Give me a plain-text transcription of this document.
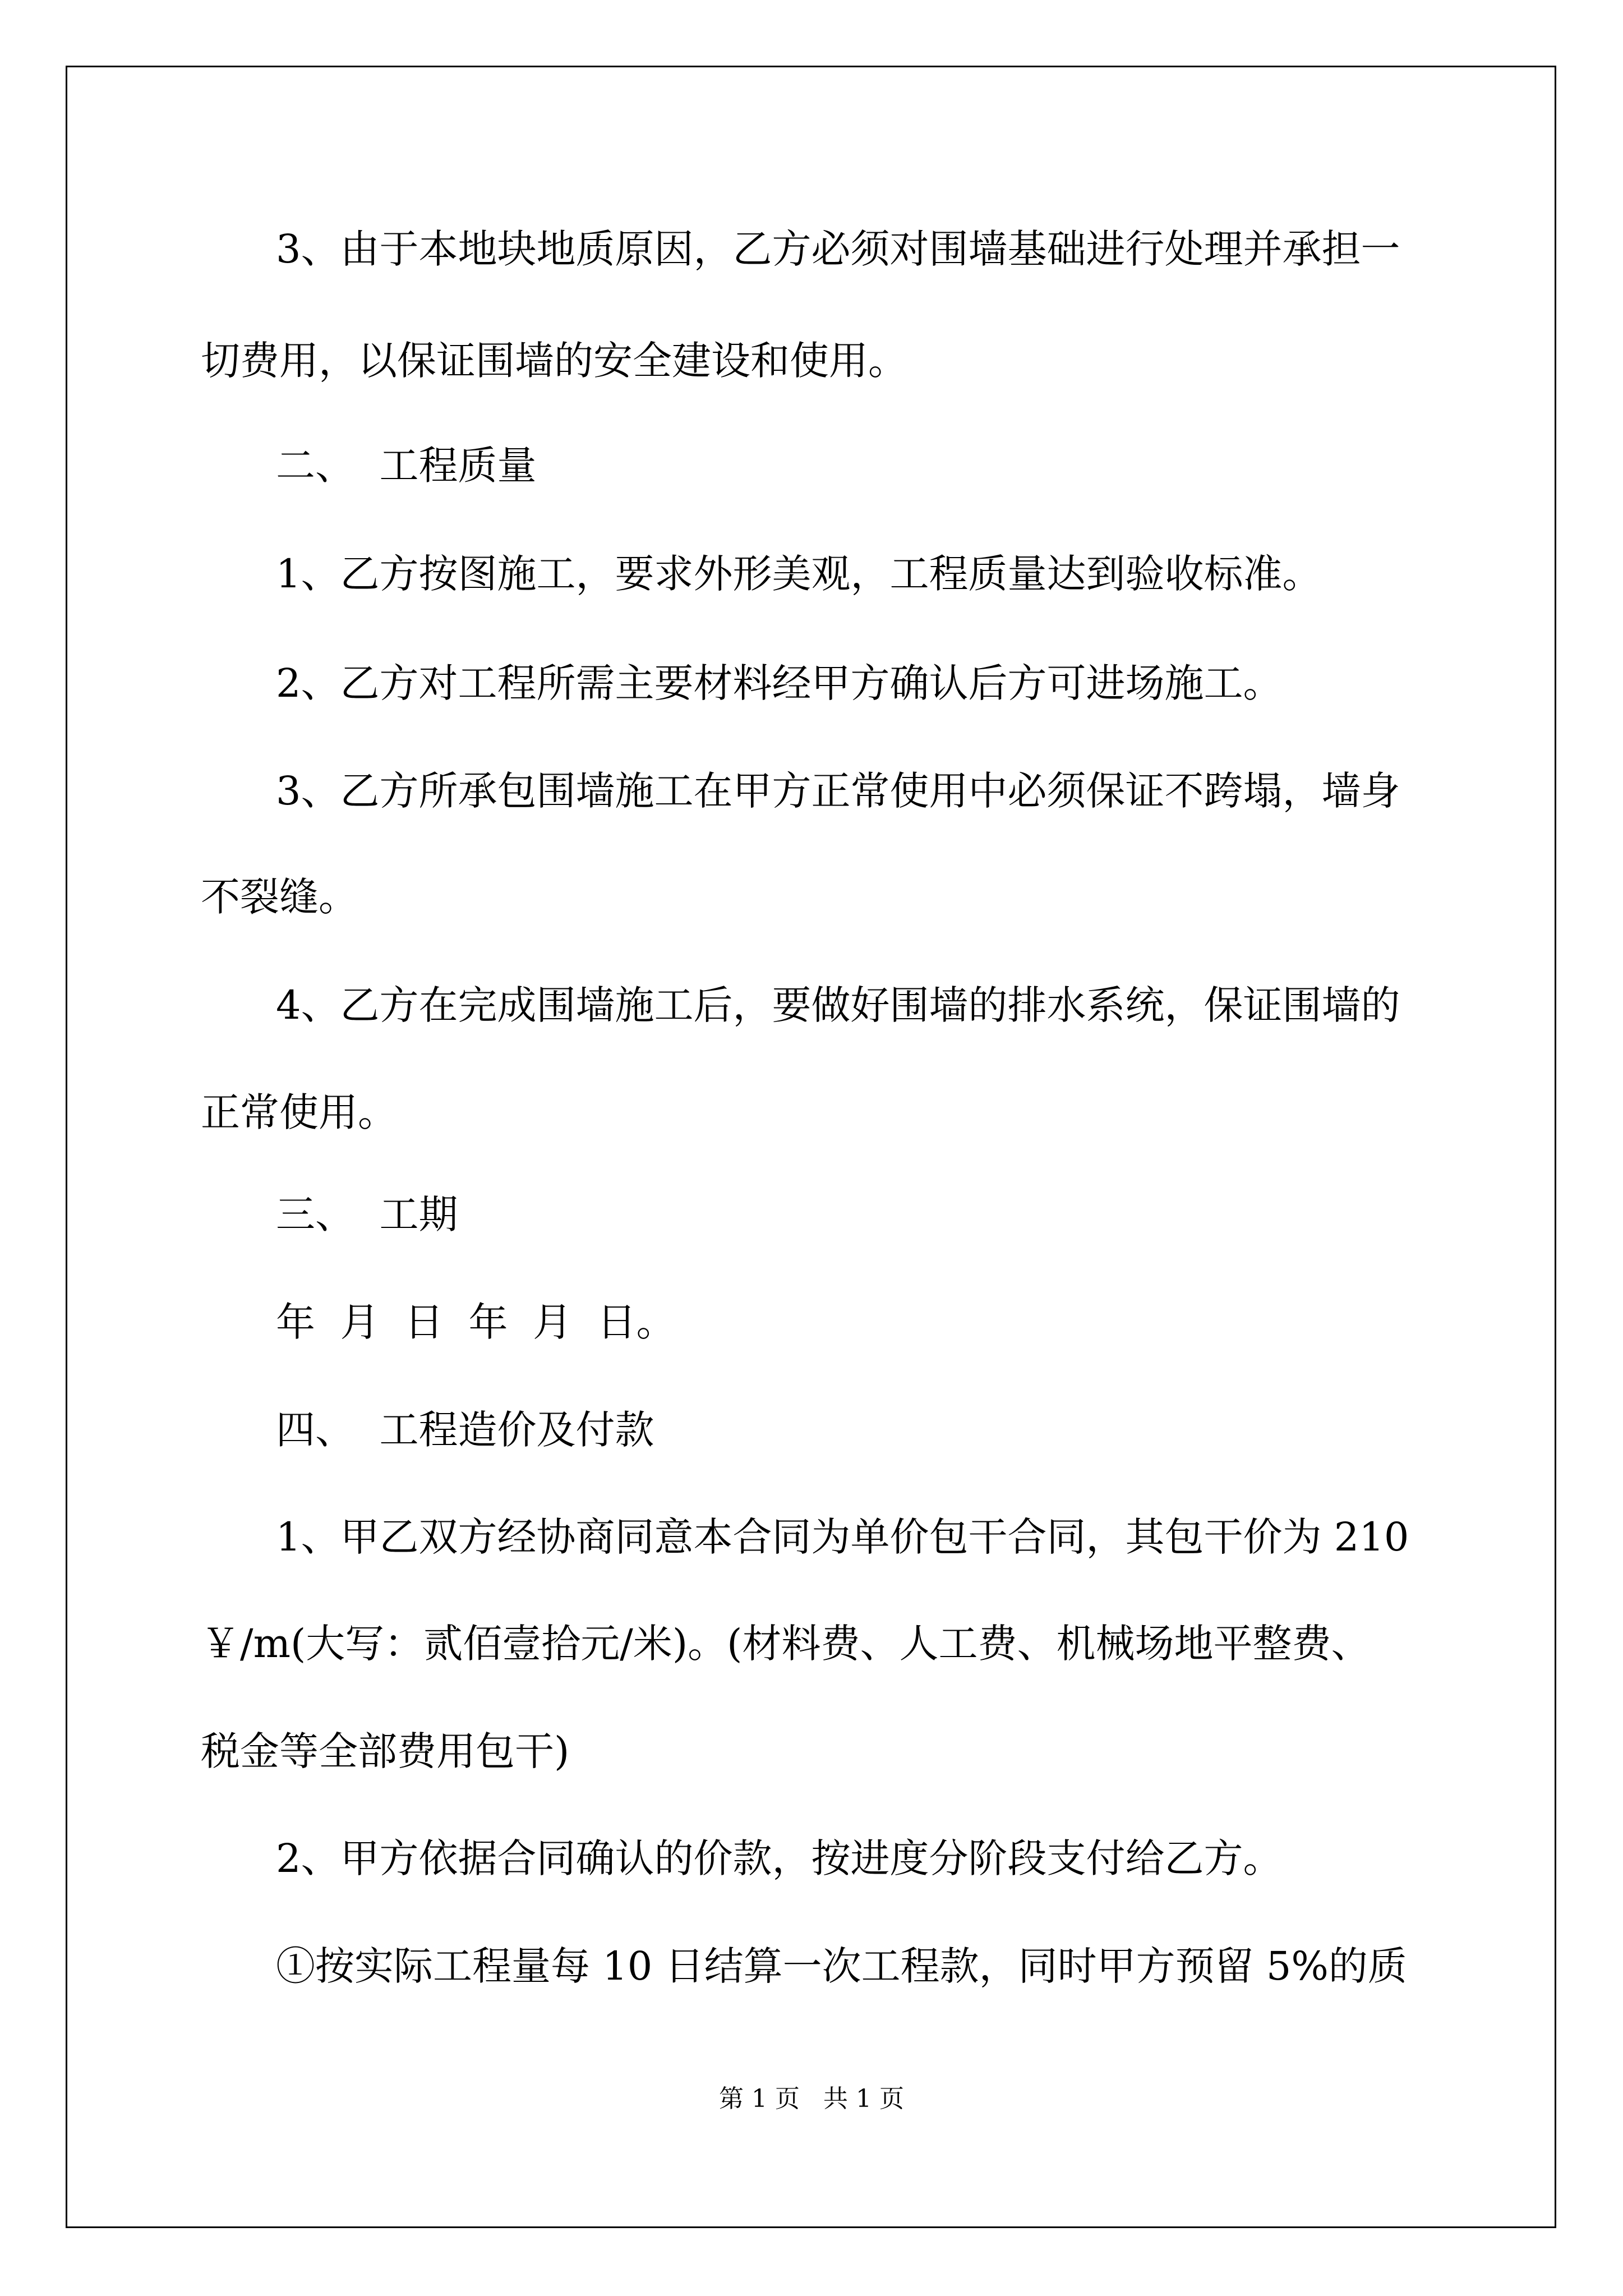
3、由于本地块地质原因，乙方必须对围墙基础进行处理并承担一

切费用，以保证围墙的安全建设和使用。

二、  工程质量

1、乙方按图施工，要求外形美观，工程质量达到验收标准。

2、乙方对工程所需主要材料经甲方确认后方可进场施工。

3、乙方所承包围墙施工在甲方正常使用中必须保证不跨塌，墙身

不裂缝。

4、乙方在完成围墙施工后，要做好围墙的排水系统，保证围墙的

正常使用。

三、  工期

年  月  日  年  月  日。

四、  工程造价及付款

1、甲乙双方经协商同意本合同为单价包干合同，其包干价为 210

￥/m(大写：贰佰壹拾元/米)。(材料费、人工费、机械场地平整费、

税金等全部费用包干)

2、甲方依据合同确认的价款，按进度分阶段支付给乙方。

①按实际工程量每 10 日结算一次工程款，同时甲方预留 5%的质

第 1 页   共 1 页
